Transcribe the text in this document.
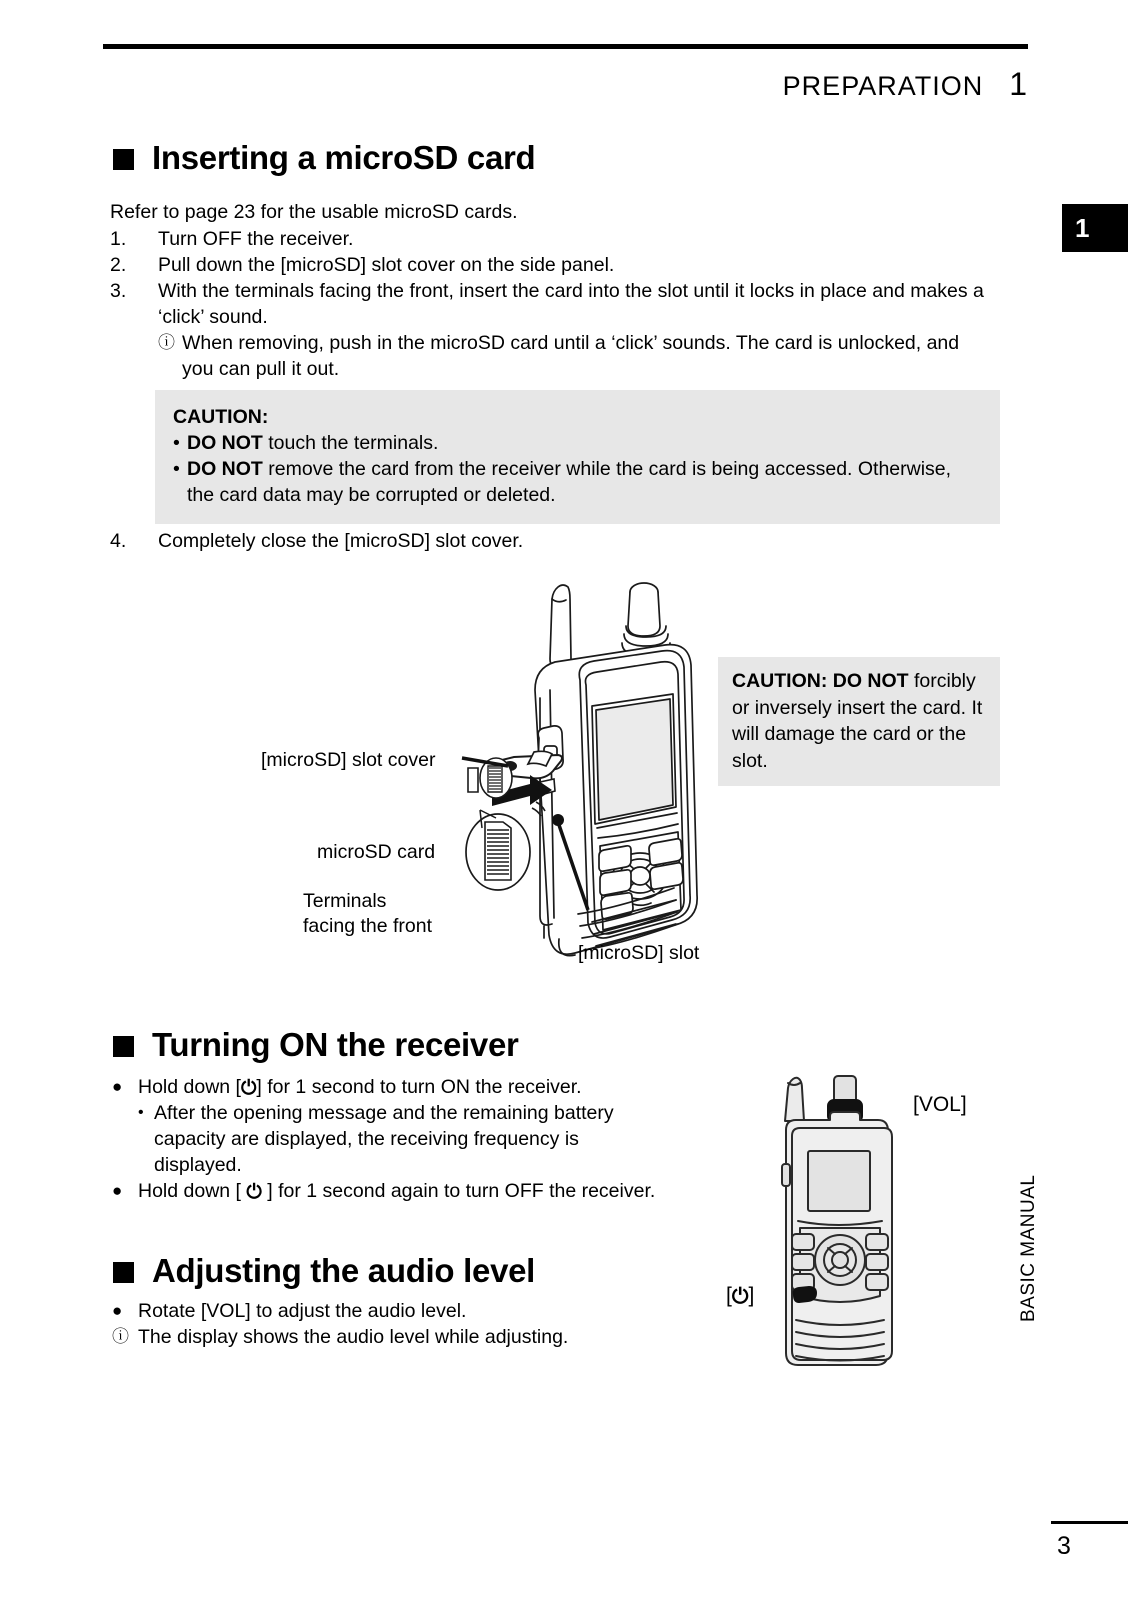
PREPARATION 1
1
Inserting a microSD card
Refer to page 23 for the usable microSD cards.
1.	Turn OFF the receiver.
2.	Pull down the [microSD] slot cover on the side panel.
3.	With the terminals facing the front, insert the card into the slot until it locks in place and makes a ‘click’ sound.
ⓘ When removing, push in the microSD card until a ‘click’ sounds. The card is unlocked, and you can pull it out.
CAUTION:
• DO NOT touch the terminals.
• DO NOT remove the card from the receiver while the card is being accessed. Otherwise, the card data may be corrupted or deleted.
4.	Completely close the [microSD] slot cover.
[microSD] slot cover
microSD card
Terminals
facing the front
[microSD] slot
CAUTION: DO NOT forcibly or inversely insert the card. It will damage the card or the slot.
Turning ON the receiver
● Hold down [⏻] for 1 second to turn ON the receiver.
• After the opening message and the remaining battery capacity are displayed, the receiving frequency is displayed.
● Hold down [ ⏻ ] for 1 second again to turn OFF the receiver.
Adjusting the audio level
● Rotate [VOL] to adjust the audio level.
ⓘ The display shows the audio level while adjusting.
[VOL]
[⏻]	BASIC MANUAL
3
